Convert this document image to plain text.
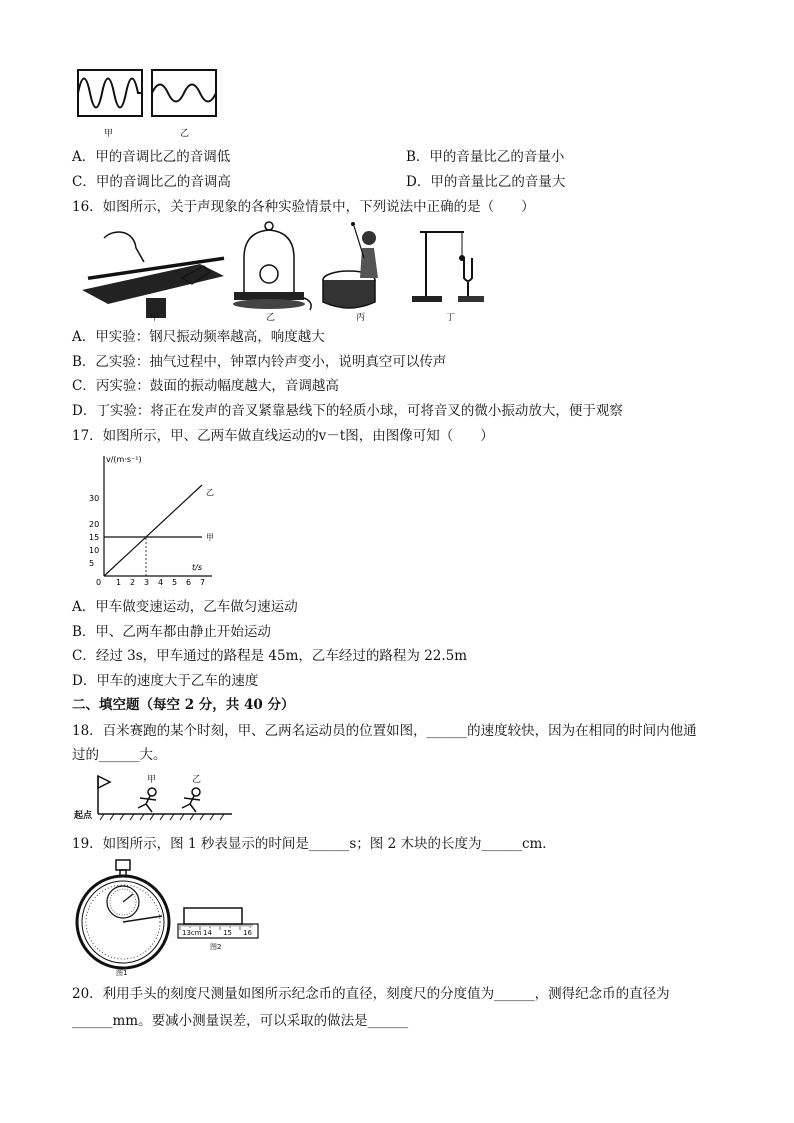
甲	乙
A．甲的音调比乙的音调低	B．甲的音量比乙的音量小
C．甲的音调比乙的音调高	D．甲的音量比乙的音量大
16．如图所示，关于声现象的各种实验情景中，下列说法中正确的是（　　）
甲	乙	丙	丁
A．甲实验：钢尺振动频率越高，响度越大
B．乙实验：抽气过程中，钟罩内铃声变小，说明真空可以传声
C．丙实验：鼓面的振动幅度越大，音调越高
D．丁实验：将正在发声的音叉紧靠悬线下的轻质小球，可将音叉的微小振动放大，便于观察
17．如图所示，甲、乙两车做直线运动的v－t图，由图像可知（　　）
v/(m·s⁻¹)
t/s
0 1 2 3 4 5 6 7
5
10
15
20
30
甲
乙
A．甲车做变速运动，乙车做匀速运动
B．甲、乙两车都由静止开始运动
C．经过 3s，甲车通过的路程是 45m，乙车经过的路程为 22.5m
D．甲车的速度大于乙车的速度
二、填空题（每空 2 分，共 40 分）
18．百米赛跑的某个时刻，甲、乙两名运动员的位置如图，______的速度较快，因为在相同的时间内他通
过的______大。
起点
甲	乙
19．如图所示，图 1 秒表显示的时间是______s；图 2 木块的长度为______cm．
13cm 14 15 16
图1
图2
20．利用手头的刻度尺测量如图所示纪念币的直径，刻度尺的分度值为______，测得纪念币的直径为
______mm。要减小测量误差，可以采取的做法是______
